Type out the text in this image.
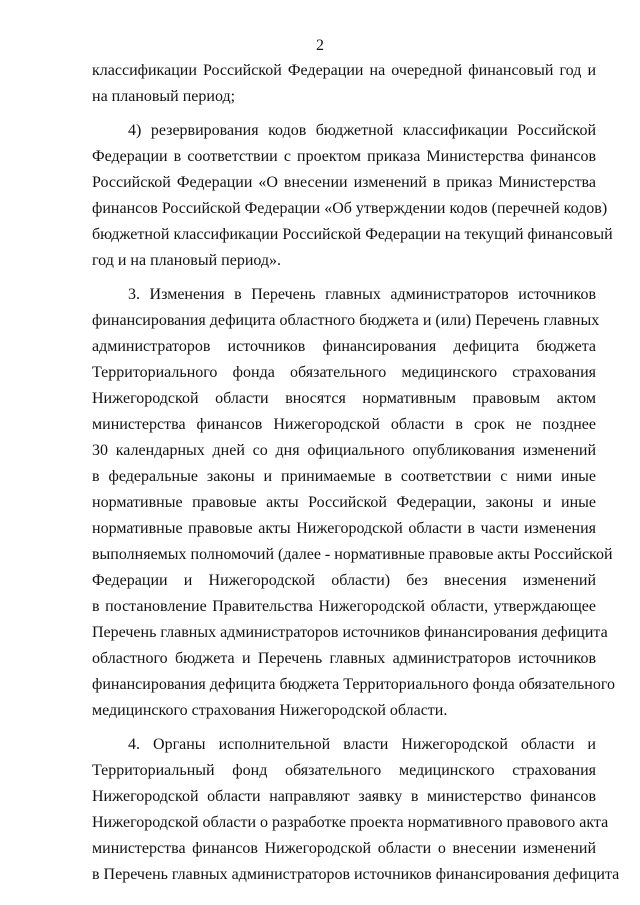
2
классификации Российской Федерации на очередной финансовый год и
на плановый период;
4) резервирования кодов бюджетной классификации Российской
Федерации в соответствии с проектом приказа Министерства финансов
Российской Федерации «О внесении изменений в приказ Министерства
финансов Российской Федерации «Об утверждении кодов (перечней кодов)
бюджетной классификации Российской Федерации на текущий финансовый
год и на плановый период».
3. Изменения в Перечень главных администраторов источников
финансирования дефицита областного бюджета и (или) Перечень главных
администраторов источников финансирования дефицита бюджета
Территориального фонда обязательного медицинского страхования
Нижегородской области вносятся нормативным правовым актом
министерства финансов Нижегородской области в срок не позднее
30 календарных дней со дня официального опубликования изменений
в федеральные законы и принимаемые в соответствии с ними иные
нормативные правовые акты Российской Федерации, законы и иные
нормативные правовые акты Нижегородской области в части изменения
выполняемых полномочий (далее - нормативные правовые акты Российской
Федерации и Нижегородской области) без внесения изменений
в постановление Правительства Нижегородской области, утверждающее
Перечень главных администраторов источников финансирования дефицита
областного бюджета и Перечень главных администраторов источников
финансирования дефицита бюджета Территориального фонда обязательного
медицинского страхования Нижегородской области.
4. Органы исполнительной власти Нижегородской области и
Территориальный фонд обязательного медицинского страхования
Нижегородской области направляют заявку в министерство финансов
Нижегородской области о разработке проекта нормативного правового акта
министерства финансов Нижегородской области о внесении изменений
в Перечень главных администраторов источников финансирования дефицита
